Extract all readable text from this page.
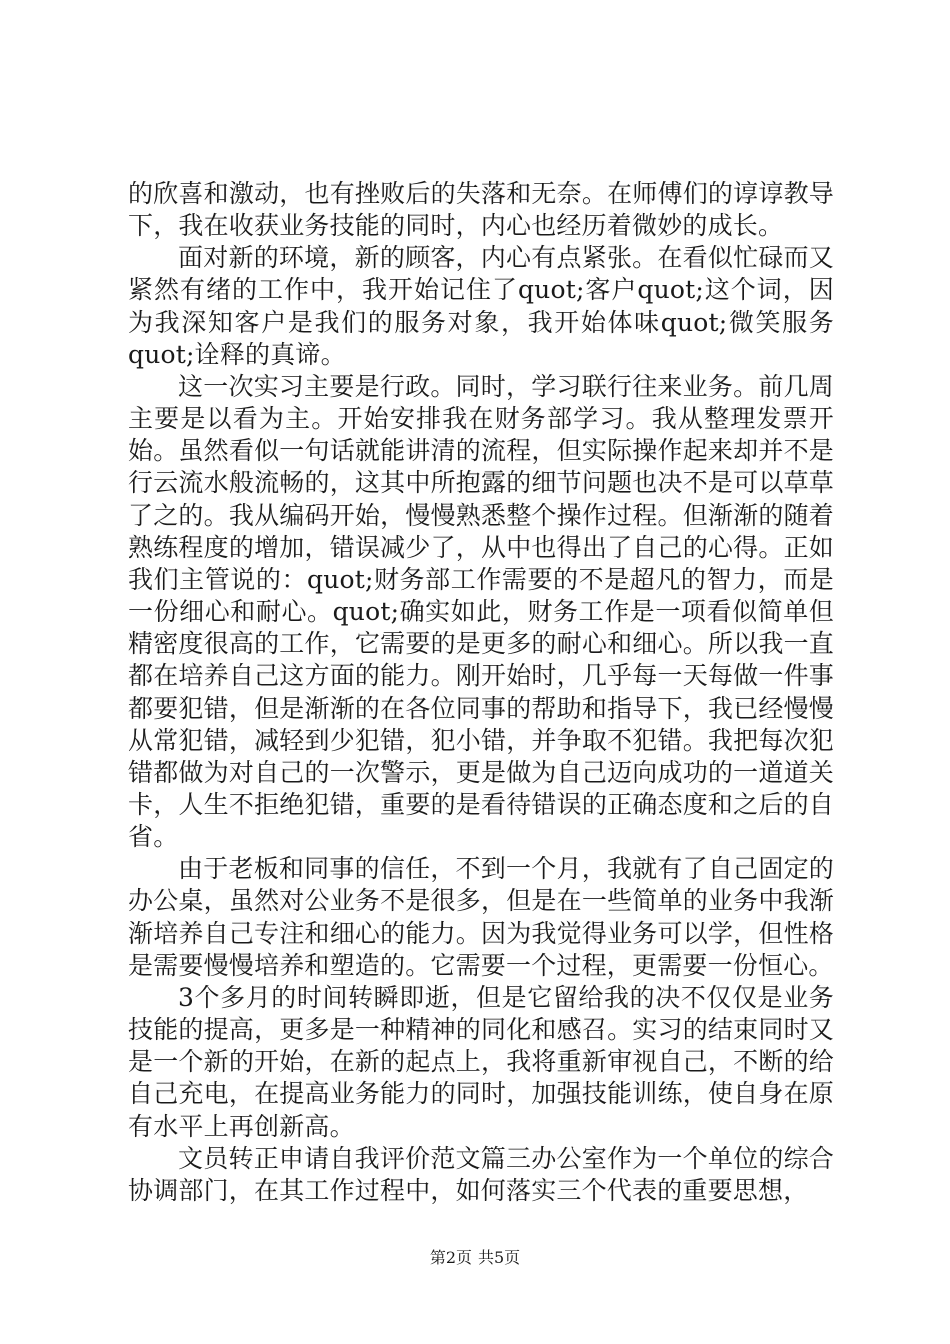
的欣喜和激动，也有挫败后的失落和无奈。在师傅们的谆谆教导下，我在收获业务技能的同时，内心也经历着微妙的成长。

面对新的环境，新的顾客，内心有点紧张。在看似忙碌而又紧然有绪的工作中，我开始记住了quot;客户quot;这个词，因为我深知客户是我们的服务对象，我开始体味quot;微笑服务quot;诠释的真谛。

这一次实习主要是行政。同时，学习联行往来业务。前几周主要是以看为主。开始安排我在财务部学习。我从整理发票开始。虽然看似一句话就能讲清的流程，但实际操作起来却并不是行云流水般流畅的，这其中所抱露的细节问题也决不是可以草草了之的。我从编码开始，慢慢熟悉整个操作过程。但渐渐的随着熟练程度的增加，错误减少了，从中也得出了自己的心得。正如我们主管说的：quot;财务部工作需要的不是超凡的智力，而是一份细心和耐心。quot;确实如此，财务工作是一项看似简单但精密度很高的工作，它需要的是更多的耐心和细心。所以我一直都在培养自己这方面的能力。刚开始时，几乎每一天每做一件事都要犯错，但是渐渐的在各位同事的帮助和指导下，我已经慢慢从常犯错，减轻到少犯错，犯小错，并争取不犯错。我把每次犯错都做为对自己的一次警示，更是做为自己迈向成功的一道道关卡，人生不拒绝犯错，重要的是看待错误的正确态度和之后的自省。

由于老板和同事的信任，不到一个月，我就有了自己固定的办公桌，虽然对公业务不是很多，但是在一些简单的业务中我渐渐培养自己专注和细心的能力。因为我觉得业务可以学，但性格是需要慢慢培养和塑造的。它需要一个过程，更需要一份恒心。

3个多月的时间转瞬即逝，但是它留给我的决不仅仅是业务技能的提高，更多是一种精神的同化和感召。实习的结束同时又是一个新的开始，在新的起点上，我将重新审视自己，不断的给自己充电，在提高业务能力的同时，加强技能训练，使自身在原有水平上再创新高。

文员转正申请自我评价范文篇三办公室作为一个单位的综合协调部门，在其工作过程中，如何落实三个代表的重要思想，

第2页 共5页
